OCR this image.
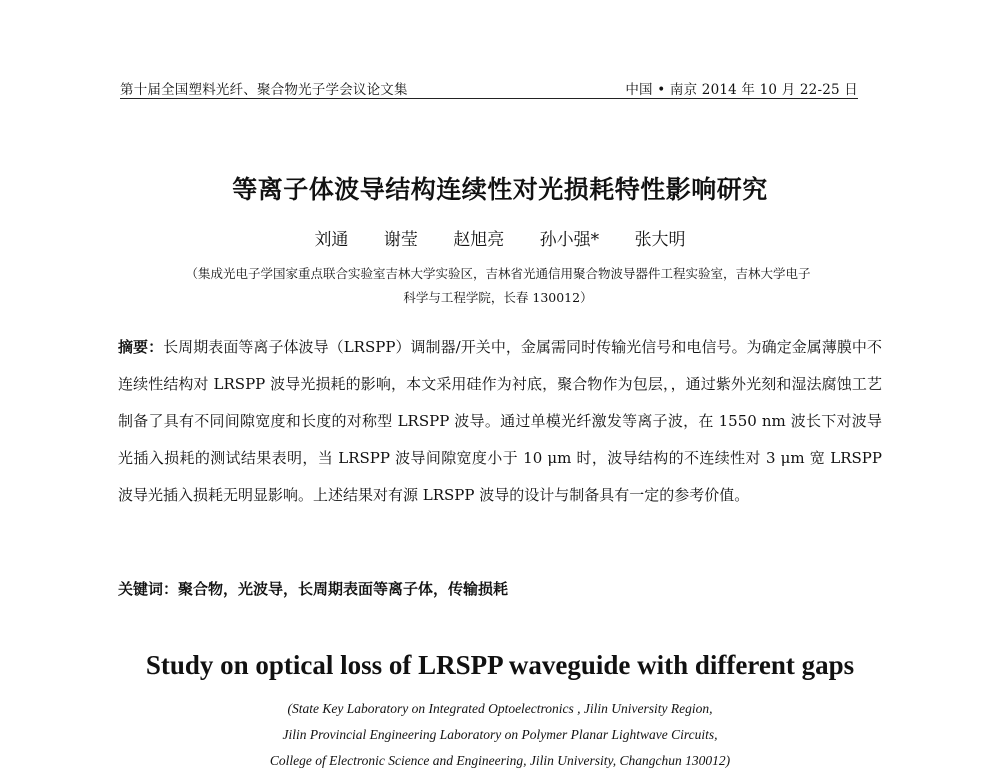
第十届全国塑料光纤、聚合物光子学会议论文集	中国 • 南京 2014 年 10 月 22-25 日
等离子体波导结构连续性对光损耗特性影响研究
刘通 谢莹 赵旭亮 孙小强* 张大明
（集成光电子学国家重点联合实验室吉林大学实验区，吉林省光通信用聚合物波导器件工程实验室，吉林大学电子
科学与工程学院，长春 130012）
摘要：长周期表面等离子体波导（LRSPP）调制器/开关中，金属需同时传输光信号和电信号。为确定金属薄膜中不连续性结构对 LRSPP 波导光损耗的影响，本文采用硅作为衬底，聚合物作为包层，，通过紫外光刻和湿法腐蚀工艺制备了具有不同间隙宽度和长度的对称型 LRSPP 波导。通过单模光纤激发等离子波，在 1550 nm 波长下对波导光插入损耗的测试结果表明，当 LRSPP 波导间隙宽度小于 10 μm 时，波导结构的不连续性对 3 μm 宽 LRSPP 波导光插入损耗无明显影响。上述结果对有源 LRSPP 波导的设计与制备具有一定的参考价值。
关键词：聚合物，光波导，长周期表面等离子体，传输损耗
Study on optical loss of LRSPP waveguide with different gaps
(State Key Laboratory on Integrated Optoelectronics , Jilin University Region,
Jilin Provincial Engineering Laboratory on Polymer Planar Lightwave Circuits,
College of Electronic Science and Engineering, Jilin University, Changchun 130012)
